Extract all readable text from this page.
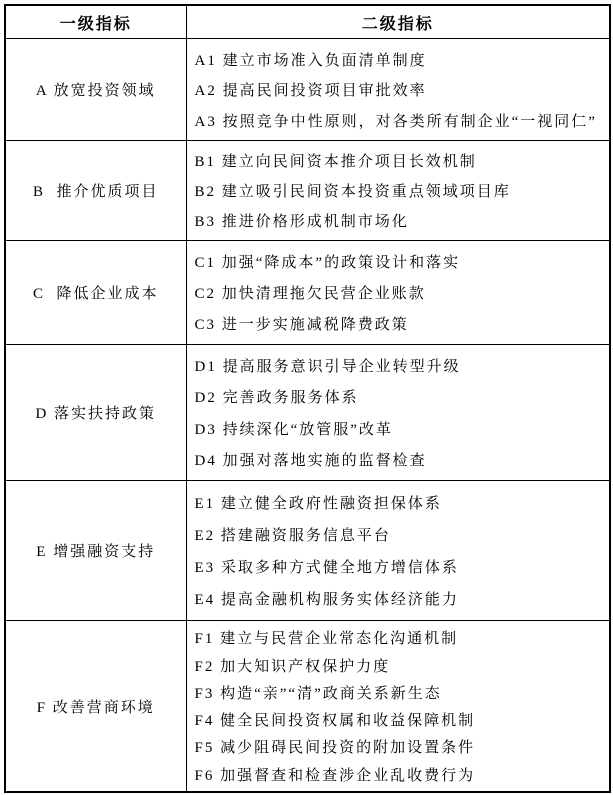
一级指标	二级指标
A 放宽投资领域	A1 建立市场准入负面清单制度
A2 提高民间投资项目审批效率
A3 按照竞争中性原则，对各类所有制企业“一视同仁”

B  推介优质项目	B1 建立向民间资本推介项目长效机制
B2 建立吸引民间资本投资重点领域项目库
B3 推进价格形成机制市场化

C  降低企业成本	C1 加强“降成本”的政策设计和落实
C2 加快清理拖欠民营企业账款
C3 进一步实施减税降费政策

D 落实扶持政策	D1 提高服务意识引导企业转型升级
D2 完善政务服务体系
D3 持续深化“放管服”改革
D4 加强对落地实施的监督检查

E 增强融资支持	E1 建立健全政府性融资担保体系
E2 搭建融资服务信息平台
E3 采取多种方式健全地方增信体系
E4 提高金融机构服务实体经济能力

F 改善营商环境	
F1 建立与民营企业常态化沟通机制
F2 加大知识产权保护力度
F3 构造“亲”“清”政商关系新生态
F4 健全民间投资权属和收益保障机制
F5 减少阻碍民间投资的附加设置条件
F6 加强督查和检查涉企业乱收费行为
